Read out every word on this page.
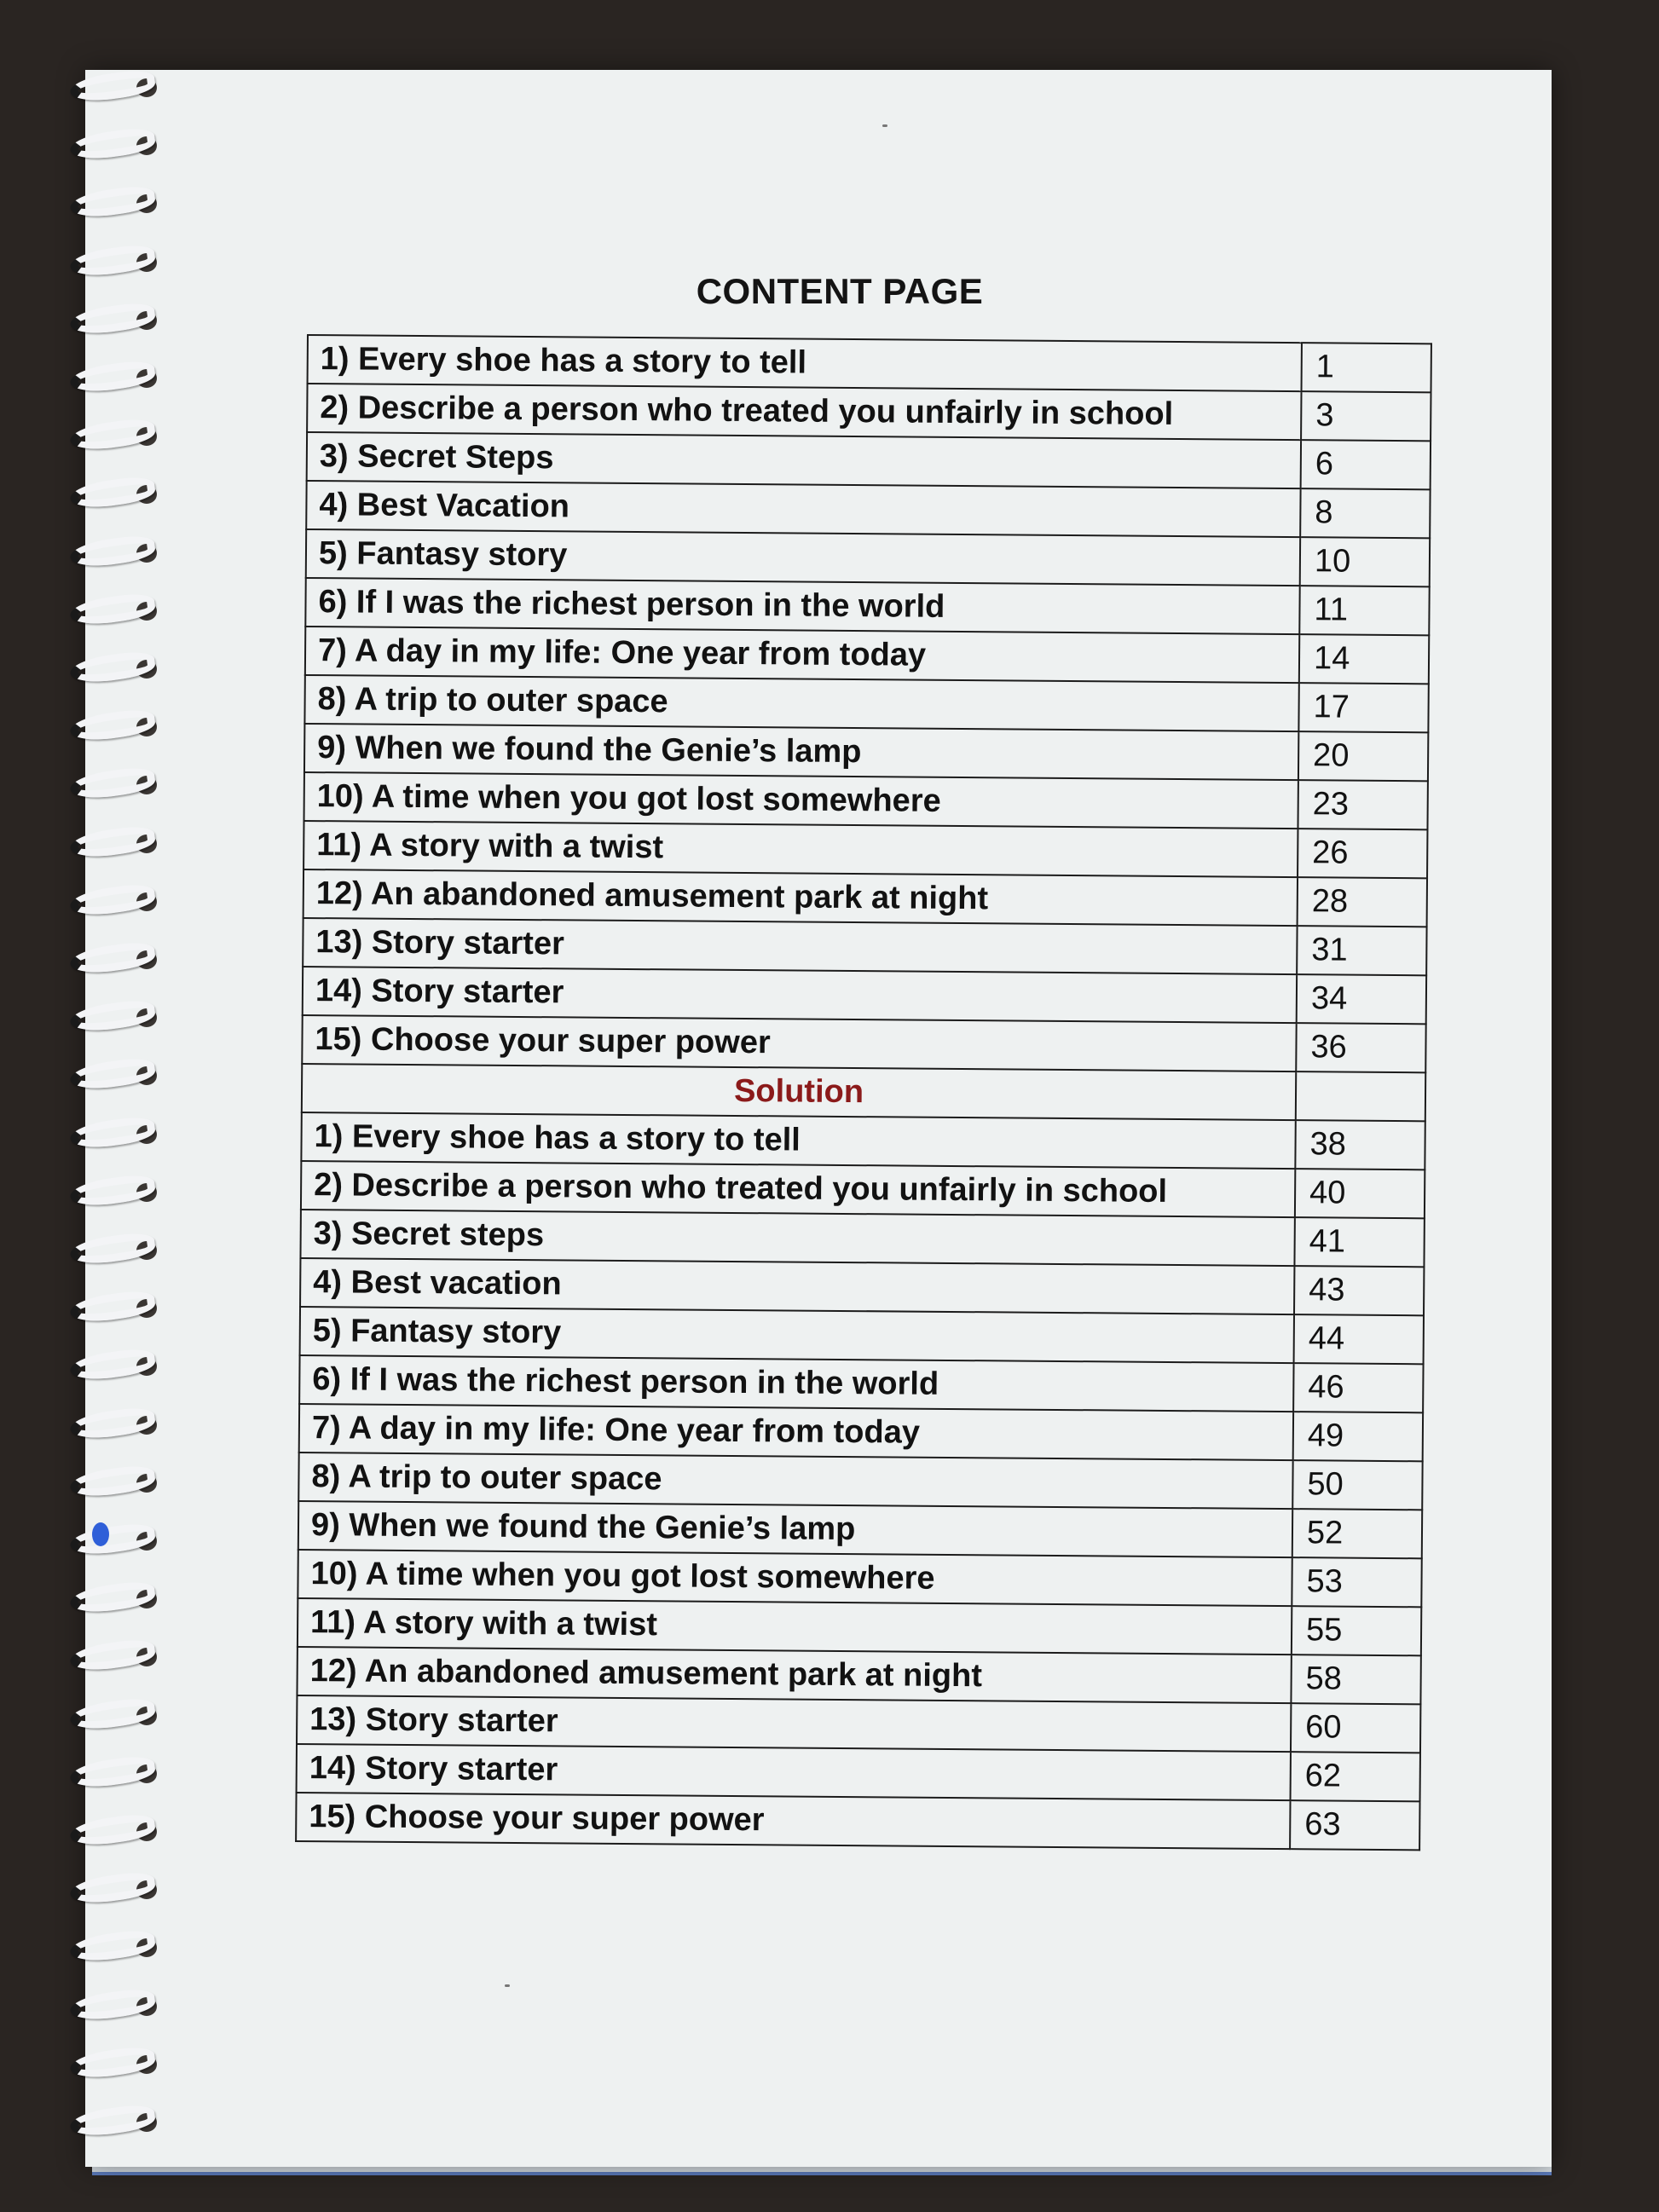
CONTENT PAGE
1) Every shoe has a story to tell	1
2) Describe a person who treated you unfairly in school	3
3) Secret Steps	6
4) Best Vacation	8
5) Fantasy story	10
6) If I was the richest person in the world	11
7) A day in my life: One year from today	14
8) A trip to outer space	17
9) When we found the Genie’s lamp	20
10) A time when you got lost somewhere	23
11) A story with a twist	26
12) An abandoned amusement park at night	28
13) Story starter	31
14) Story starter	34
15) Choose your super power	36
Solution	
1) Every shoe has a story to tell	38
2) Describe a person who treated you unfairly in school	40
3) Secret steps	41
4) Best vacation	43
5) Fantasy story	44
6) If I was the richest person in the world	46
7) A day in my life: One year from today	49
8) A trip to outer space	50
9) When we found the Genie’s lamp	52
10) A time when you got lost somewhere	53
11) A story with a twist	55
12) An abandoned amusement park at night	58
13) Story starter	60
14) Story starter	62
15) Choose your super power	63
